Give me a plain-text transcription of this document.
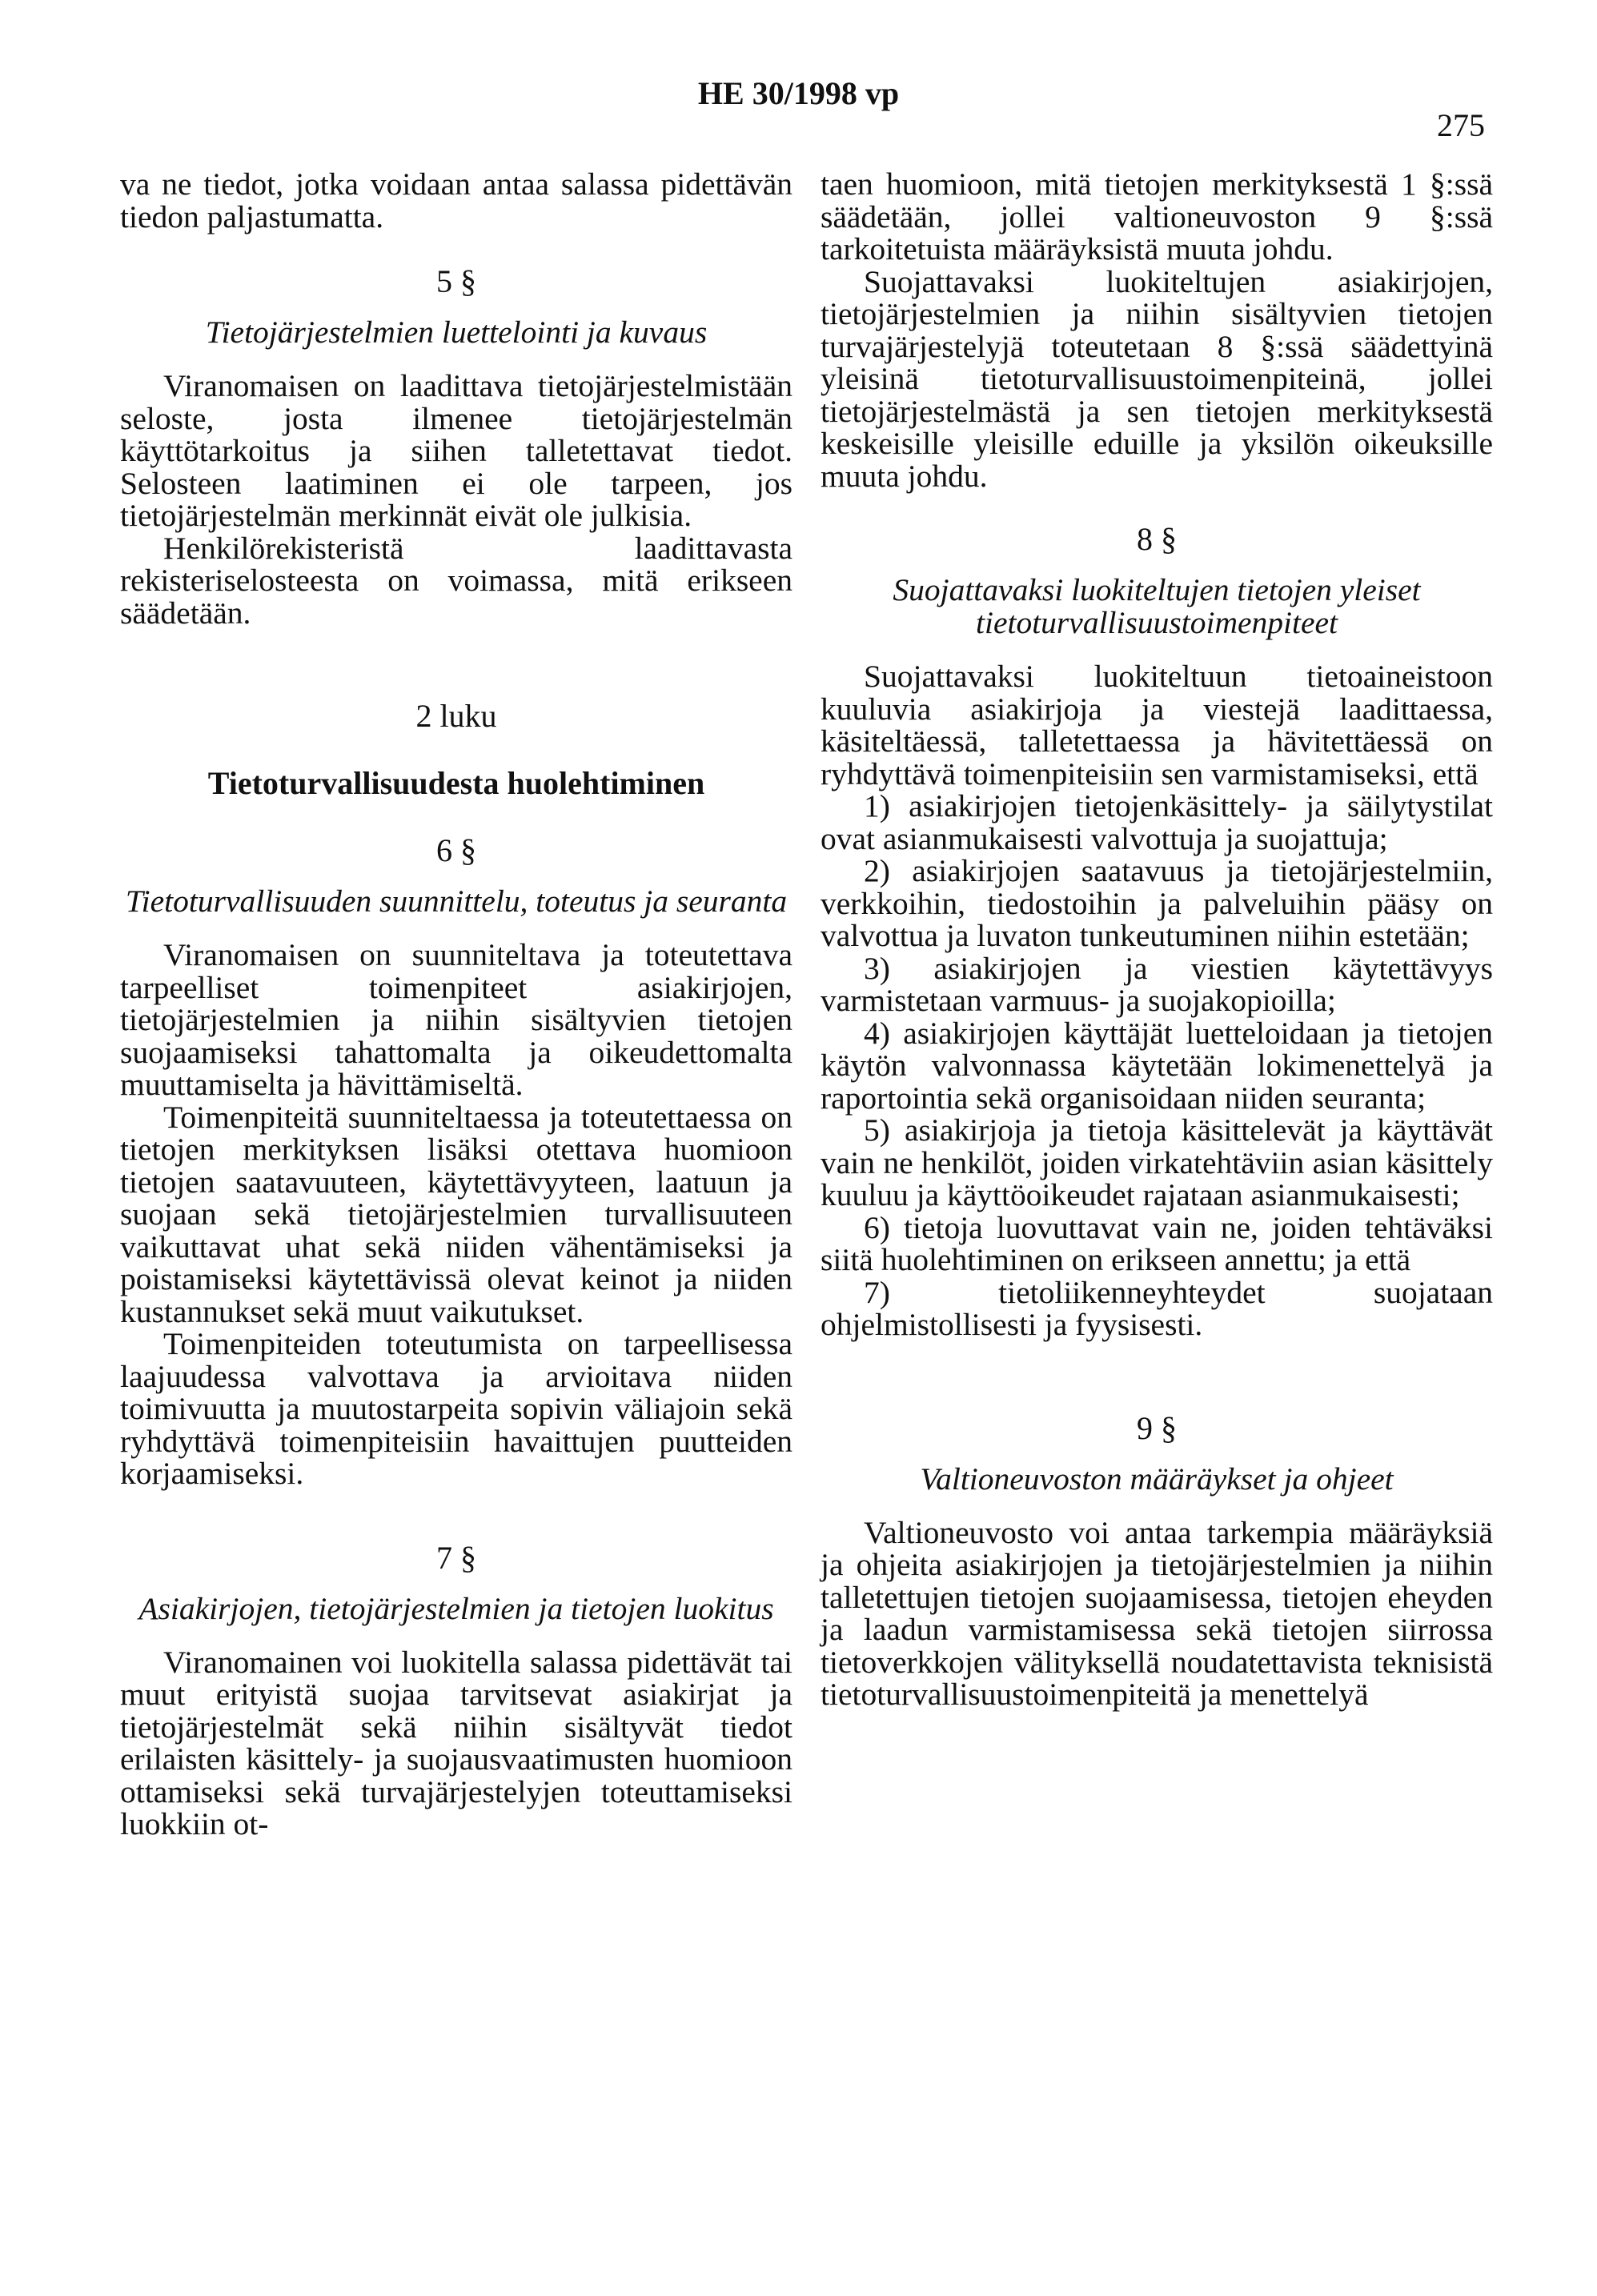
HE 30/1998 vp
275

va ne tiedot, jotka voidaan antaa salassa pidettävän tiedon paljastumatta.

5 §
Tietojärjestelmien luettelointi ja kuvaus

Viranomaisen on laadittava tietojärjestelmistään seloste, josta ilmenee tietojärjestelmän käyttötarkoitus ja siihen talletettavat tiedot. Selosteen laatiminen ei ole tarpeen, jos tietojärjestelmän merkinnät eivät ole julkisia.

Henkilörekisteristä laadittavasta rekisteriselosteesta on voimassa, mitä erikseen säädetään.

2 luku
Tietoturvallisuudesta huolehtiminen
6 §
Tietoturvallisuuden suunnittelu, toteutus ja seuranta

Viranomaisen on suunniteltava ja toteutettava tarpeelliset toimenpiteet asiakirjojen, tietojärjestelmien ja niihin sisältyvien tietojen suojaamiseksi tahattomalta ja oikeudettomalta muuttamiselta ja hävittämiseltä.

Toimenpiteitä suunniteltaessa ja toteutettaessa on tietojen merkityksen lisäksi otettava huomioon tietojen saatavuuteen, käytettävyyteen, laatuun ja suojaan sekä tietojärjestelmien turvallisuuteen vaikuttavat uhat sekä niiden vähentämiseksi ja poistamiseksi käytettävissä olevat keinot ja niiden kustannukset sekä muut vaikutukset.

Toimenpiteiden toteutumista on tarpeellisessa laajuudessa valvottava ja arvioitava niiden toimivuutta ja muutostarpeita sopivin väliajoin sekä ryhdyttävä toimenpiteisiin havaittujen puutteiden korjaamiseksi.

7 §
Asiakirjojen, tietojärjestelmien ja tietojen luokitus

Viranomainen voi luokitella salassa pidettävät tai muut erityistä suojaa tarvitsevat asiakirjat ja tietojärjestelmät sekä niihin sisältyvät tiedot erilaisten käsittely- ja suojausvaatimusten huomioon ottamiseksi sekä turvajärjestelyjen toteuttamiseksi luokkiin ot-

taen huomioon, mitä tietojen merkityksestä 1 §:ssä säädetään, jollei valtioneuvoston 9 §:ssä tarkoitetuista määräyksistä muuta johdu.

Suojattavaksi luokiteltujen asiakirjojen, tietojärjestelmien ja niihin sisältyvien tietojen turvajärjestelyjä toteutetaan 8 §:ssä säädettyinä yleisinä tietoturvallisuustoimenpiteinä, jollei tietojärjestelmästä ja sen tietojen merkityksestä keskeisille yleisille eduille ja yksilön oikeuksille muuta johdu.

8 §
Suojattavaksi luokiteltujen tietojen yleiset tietoturvallisuustoimenpiteet

Suojattavaksi luokiteltuun tietoaineistoon kuuluvia asiakirjoja ja viestejä laadittaessa, käsiteltäessä, talletettaessa ja hävitettäessä on ryhdyttävä toimenpiteisiin sen varmistamiseksi, että

1) asiakirjojen tietojenkäsittely- ja säilytystilat ovat asianmukaisesti valvottuja ja suojattuja;

2) asiakirjojen saatavuus ja tietojärjestelmiin, verkkoihin, tiedostoihin ja palveluihin pääsy on valvottua ja luvaton tunkeutuminen niihin estetään;

3) asiakirjojen ja viestien käytettävyys varmistetaan varmuus- ja suojakopioilla;

4) asiakirjojen käyttäjät luetteloidaan ja tietojen käytön valvonnassa käytetään lokimenettelyä ja raportointia sekä organisoidaan niiden seuranta;

5) asiakirjoja ja tietoja käsittelevät ja käyttävät vain ne henkilöt, joiden virkatehtäviin asian käsittely kuuluu ja käyttöoikeudet rajataan asianmukaisesti;

6) tietoja luovuttavat vain ne, joiden tehtäväksi siitä huolehtiminen on erikseen annettu; ja että

7) tietoliikenneyhteydet suojataan ohjelmistollisesti ja fyysisesti.

9 §
Valtioneuvoston määräykset ja ohjeet

Valtioneuvosto voi antaa tarkempia määräyksiä ja ohjeita asiakirjojen ja tietojärjestelmien ja niihin talletettujen tietojen suojaamisessa, tietojen eheyden ja laadun varmistamisessa sekä tietojen siirrossa tietoverkkojen välityksellä noudatettavista teknisistä tietoturvallisuustoimenpiteitä ja menettelyä
